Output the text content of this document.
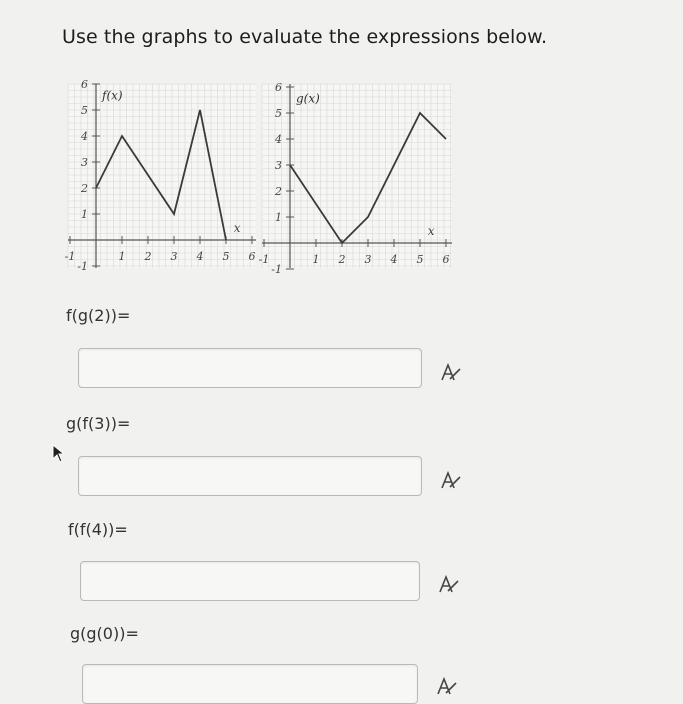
Use the graphs to evaluate the expressions below.
-1	1 2 3 4 5 6
-1
1
2
3
4
5
6
x
f(x)
-1	1 2 3 4 5 6
-1
1
2
3
4
5
6
x
g(x)
f(g(2))=
g(f(3))=
f(f(4))=
g(g(0))=
